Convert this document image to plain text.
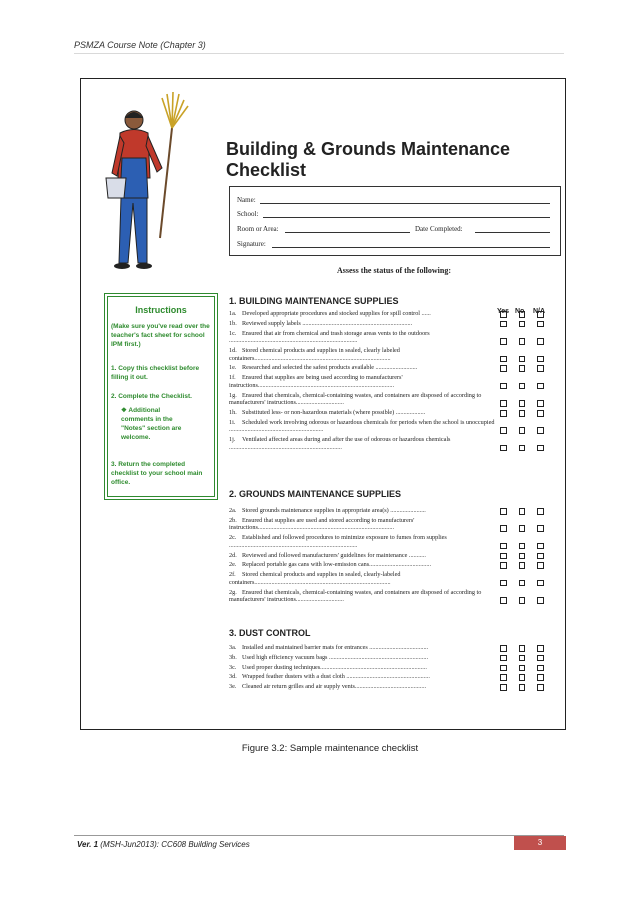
PSMZA Course Note (Chapter 3)
Building & Grounds Maintenance
Checklist
Name:
School:
Room or Area:	Date Completed:
Signature:
Assess the status of the following:
Instructions
(Make sure you've read over the teacher's fact sheet for school IPM first.)
1. Copy this checklist before filling it out.
2. Complete the Checklist.
❖ Additional comments in the "Notes" section are welcome.
3. Return the completed checklist to your school main office.
Yes No N/A
1. BUILDING MAINTENANCE SUPPLIES
1a. Developed appropriate procedures and stocked supplies for spill control ......
1b. Reviewed supply labels .......................................................................
1c. Ensured that air from chemical and trash storage areas vents to the outdoors ...................................................................................
1d. Stored chemical products and supplies in sealed, clearly labeled containers........................................................................................
1e. Researched and selected the safest products available ...........................
1f. Ensured that supplies are being used according to manufacturers' instructions........................................................................................
1g. Ensured that chemicals, chemical-containing wastes, and containers are disposed of according to manufacturers' instructions...............................
1h. Substituted less- or non-hazardous materials (where possible) ...................
1i. Scheduled work involving odorous or hazardous chemicals for periods when the school is unoccupied .............................................................
1j. Ventilated affected areas during and after the use of odorous or hazardous chemicals .........................................................................
2. GROUNDS MAINTENANCE SUPPLIES
2a. Stored grounds maintenance supplies in appropriate area(s) .......................
2b. Ensured that supplies are used and stored according to manufacturers' instructions........................................................................................
2c. Established and followed procedures to minimize exposure to fumes from supplies ...................................................................................
2d. Reviewed and followed manufacturers' guidelines for maintenance ...........
2e. Replaced portable gas cans with low-emission cans........................................
2f. Stored chemical products and supplies in sealed, clearly-labeled containers........................................................................................
2g. Ensured that chemicals, chemical-containing wastes, and containers are disposed of according to manufacturers' instructions...............................
3. DUST CONTROL
3a. Installed and maintained barrier mats for entrances ......................................
3b. Used high efficiency vacuum bags ................................................................
3c. Used proper dusting techniques.....................................................................
3d. Wrapped feather dusters with a dust cloth ......................................................
3e. Cleaned air return grilles and air supply vents..............................................
Figure 3.2: Sample maintenance checklist
Ver. 1 (MSH-Jun2013): CC608 Building Services	3
